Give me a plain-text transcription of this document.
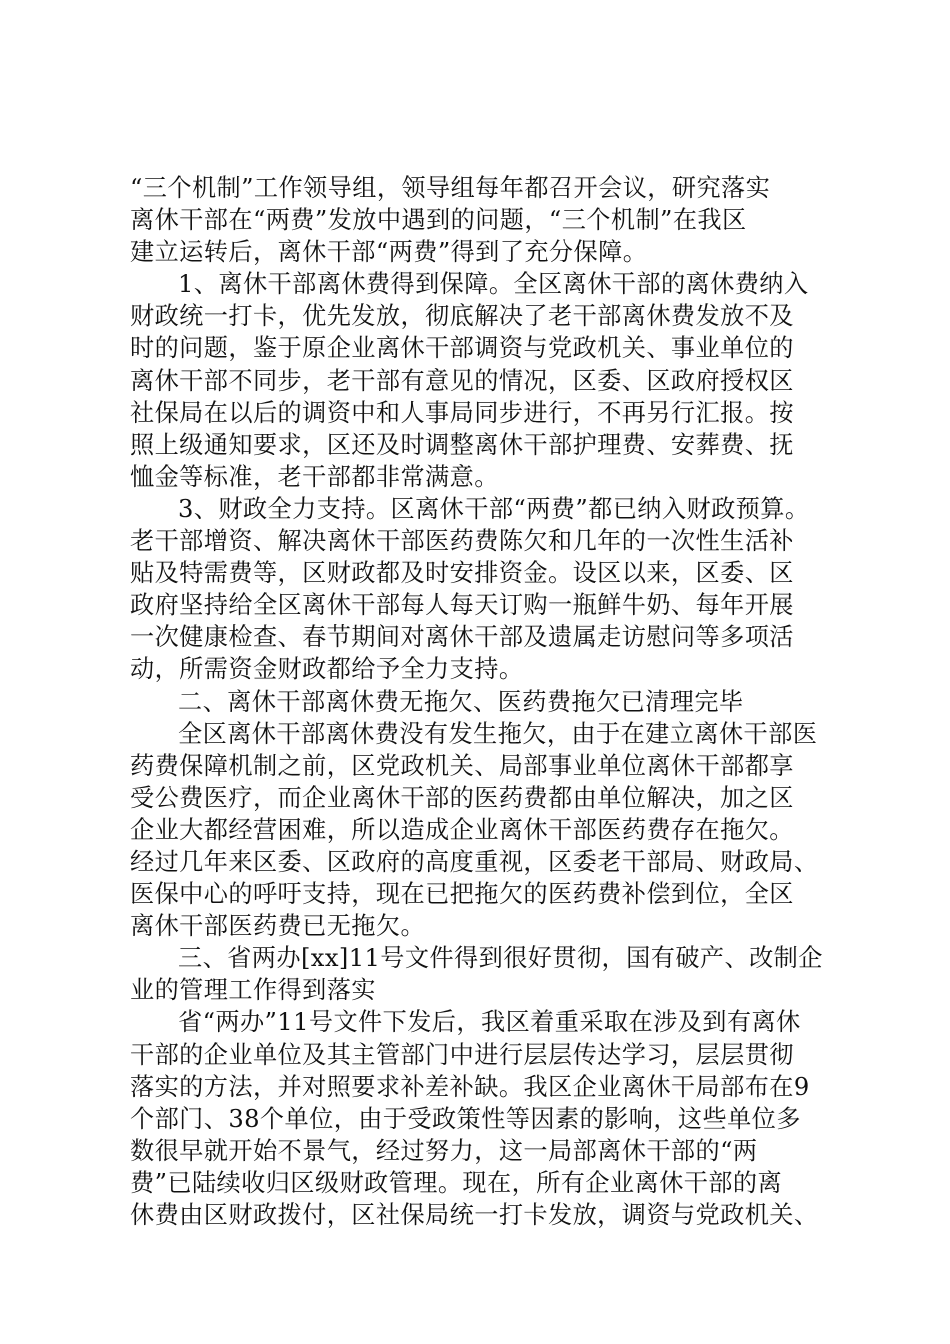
“三个机制”工作领导组，领导组每年都召开会议，研究落实
离休干部在“两费”发放中遇到的问题，“三个机制”在我区
建立运转后，离休干部“两费”得到了充分保障。
1、离休干部离休费得到保障。全区离休干部的离休费纳入
财政统一打卡，优先发放，彻底解决了老干部离休费发放不及
时的问题，鉴于原企业离休干部调资与党政机关、事业单位的
离休干部不同步，老干部有意见的情况，区委、区政府授权区
社保局在以后的调资中和人事局同步进行，不再另行汇报。按
照上级通知要求，区还及时调整离休干部护理费、安葬费、抚
恤金等标准，老干部都非常满意。
3、财政全力支持。区离休干部“两费”都已纳入财政预算。
老干部增资、解决离休干部医药费陈欠和几年的一次性生活补
贴及特需费等，区财政都及时安排资金。设区以来，区委、区
政府坚持给全区离休干部每人每天订购一瓶鲜牛奶、每年开展
一次健康检查、春节期间对离休干部及遗属走访慰问等多项活
动，所需资金财政都给予全力支持。
二、离休干部离休费无拖欠、医药费拖欠已清理完毕
全区离休干部离休费没有发生拖欠，由于在建立离休干部医
药费保障机制之前，区党政机关、局部事业单位离休干部都享
受公费医疗，而企业离休干部的医药费都由单位解决，加之区
企业大都经营困难，所以造成企业离休干部医药费存在拖欠。
经过几年来区委、区政府的高度重视，区委老干部局、财政局、
医保中心的呼吁支持，现在已把拖欠的医药费补偿到位，全区
离休干部医药费已无拖欠。
三、省两办[xx]11号文件得到很好贯彻，国有破产、改制企
业的管理工作得到落实
省“两办”11号文件下发后，我区着重采取在涉及到有离休
干部的企业单位及其主管部门中进行层层传达学习，层层贯彻
落实的方法，并对照要求补差补缺。我区企业离休干局部布在9
个部门、38个单位，由于受政策性等因素的影响，这些单位多
数很早就开始不景气，经过努力，这一局部离休干部的“两
费”已陆续收归区级财政管理。现在，所有企业离休干部的离
休费由区财政拨付，区社保局统一打卡发放，调资与党政机关、
